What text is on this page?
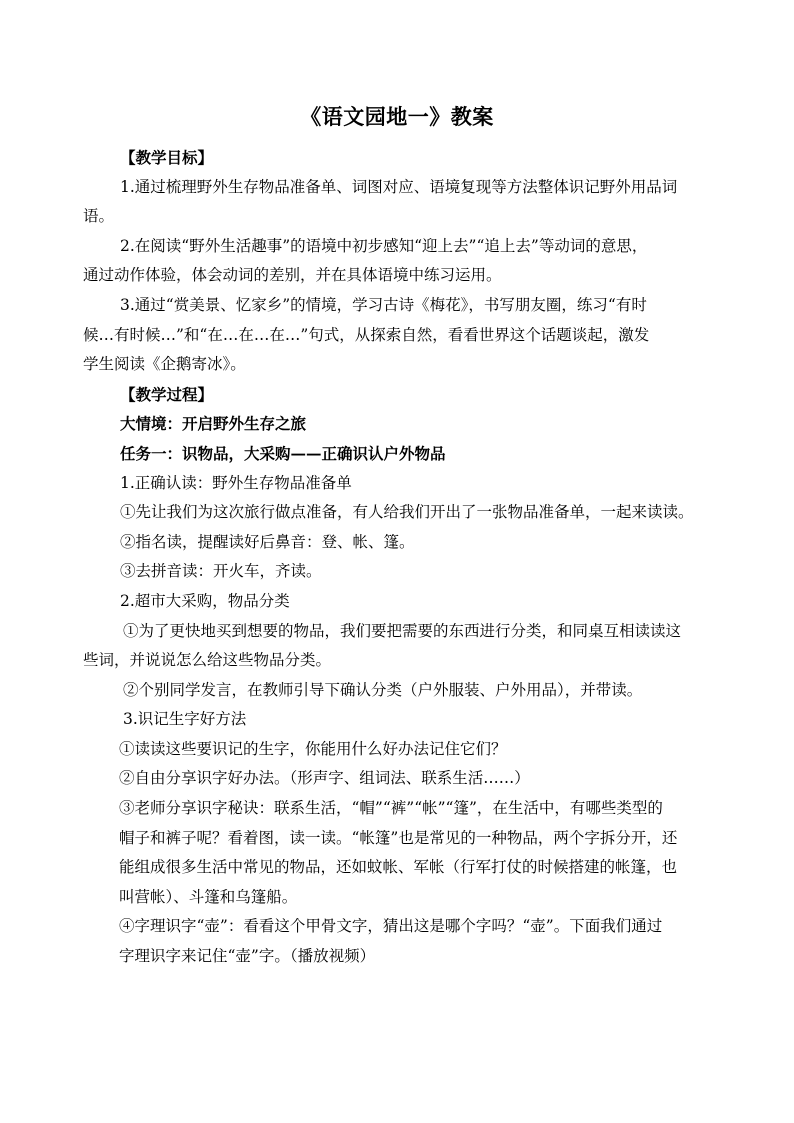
《语文园地一》教案
【教学目标】
1.通过梳理野外生存物品准备单、词图对应、语境复现等方法整体识记野外用品词
语。
2.在阅读“野外生活趣事”的语境中初步感知“迎上去”“追上去”等动词的意思，
通过动作体验，体会动词的差别，并在具体语境中练习运用。
3.通过“赏美景、忆家乡”的情境，学习古诗《梅花》，书写朋友圈，练习“有时
候…有时候…”和“在…在…在…”句式，从探索自然，看看世界这个话题谈起，激发
学生阅读《企鹅寄冰》。
【教学过程】
大情境：开启野外生存之旅
任务一：识物品，大采购——正确识认户外物品
1.正确认读：野外生存物品准备单
①先让我们为这次旅行做点准备，有人给我们开出了一张物品准备单，一起来读读。
②指名读，提醒读好后鼻音：登、帐、篷。
③去拼音读：开火车，齐读。
2.超市大采购，物品分类
①为了更快地买到想要的物品，我们要把需要的东西进行分类，和同桌互相读读这
些词，并说说怎么给这些物品分类。
②个别同学发言，在教师引导下确认分类（户外服装、户外用品），并带读。
3.识记生字好方法
①读读这些要识记的生字，你能用什么好办法记住它们？
②自由分享识字好办法。（形声字、组词法、联系生活……）
③老师分享识字秘诀：联系生活，“帽”“裤”“帐”“篷”，在生活中，有哪些类型的
帽子和裤子呢？看着图，读一读。“帐篷”也是常见的一种物品，两个字拆分开，还
能组成很多生活中常见的物品，还如蚊帐、军帐（行军打仗的时候搭建的帐篷，也
叫营帐）、斗篷和乌篷船。
④字理识字“壶”：看看这个甲骨文字，猜出这是哪个字吗？“壶”。下面我们通过
字理识字来记住“壶”字。（播放视频）
